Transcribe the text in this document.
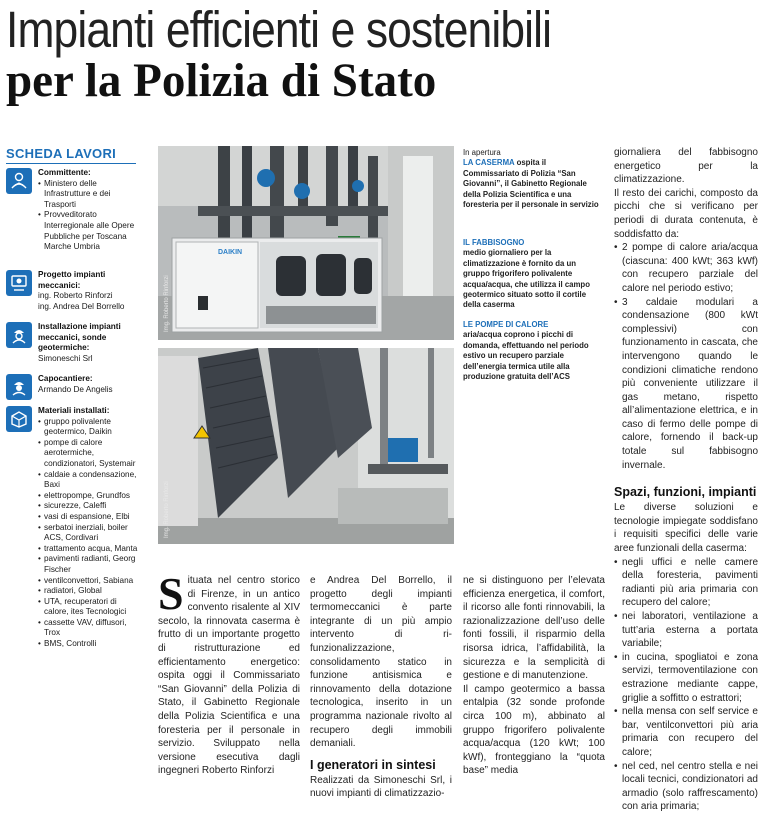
Impianti efficienti e sostenibili
per la Polizia di Stato
SCHEDA LAVORI
Committente:
• Ministero delle Infrastrutture e dei Trasporti
• Provveditorato Interregionale alle Opere Pubbliche per Toscana Marche Umbria
Progetto impianti meccanici:
ing. Roberto Rinforzi
ing. Andrea Del Borrello
Installazione impianti meccanici, sonde geotermiche:
Simoneschi Srl
Capocantiere:
Armando De Angelis
Materiali installati:
• gruppo polivalente geotermico, Daikin
• pompe di calore aerotermiche, condizionatori, Systemair
• caldaie a condensazione, Baxi
• elettropompe, Grundfos
• sicurezze, Caleffi
• vasi di espansione, Elbi
• serbatoi inerziali, boiler ACS, Cordivari
• trattamento acqua, Manta
• pavimenti radianti, Georg Fischer
• ventilconvettori, Sabiana
• radiatori, Global
• UTA, recuperatori di calore, ites Tecnologici
• cassette VAV, diffusori, Trox
• BMS, Controlli
DAIKIN
Img. Roberto Rinforzi
Img. Roberto Rinforzi
In apertura
LA CASERMA ospita il Commissariato di Polizia “San Giovanni”, il Gabinetto Regionale della Polizia Scientifica e una foresteria per il personale in servizio
IL FABBISOGNO
medio giornaliero per la climatizzazione è fornito da un gruppo frigorifero polivalente acqua/acqua, che utilizza il campo geotermico situato sotto il cortile della caserma
LE POMPE DI CALORE
aria/acqua coprono i picchi di domanda, effettuando nel periodo estivo un recupero parziale dell’energia termica utile alla produzione gratuita dell’ACS

Situata nel centro storico di Firenze, in un antico convento risalente al XIV secolo, la rinnovata caserma è frutto di un importante progetto di ristrutturazione ed efficientamento energetico: ospita oggi il Commissariato “San Giovanni” della Polizia di Stato, il Gabinetto Regionale della Polizia Scientifica e una foresteria per il personale in servizio. Sviluppato nella versione esecutiva dagli ingegneri Roberto Rinforzi

e Andrea Del Borrello, il progetto degli impianti termomeccanici è parte integrante di un più ampio intervento di ri-funzionalizzazione, consolidamento statico in funzione antisismica e rinnovamento della dotazione tecnologica, inserito in un programma nazionale rivolto al recupero degli immobili demaniali.

I generatori in sintesi

Realizzati da Simoneschi Srl, i nuovi impianti di climatizzazio-

ne si distinguono per l’elevata efficienza energetica, il comfort, il ricorso alle fonti rinnovabili, la razionalizzazione dell’uso delle fonti fossili, il risparmio della risorsa idrica, l’affidabilità, la sicurezza e la semplicità di gestione e di manutenzione.

Il campo geotermico a bassa entalpia (32 sonde profonde circa 100 m), abbinato al gruppo frigorifero polivalente acqua/acqua (120 kWt; 100 kWf), fronteggiano la “quota base” media

giornaliera del fabbisogno energetico per la climatizzazione.

Il resto dei carichi, composto da picchi che si verificano per periodi di durata contenuta, è soddisfatto da:

• 2 pompe di calore aria/acqua (ciascuna: 400 kWt; 363 kWf) con recupero parziale del calore nel periodo estivo;
• 3 caldaie modulari a condensazione (800 kWt complessivi) con funzionamento in cascata, che intervengono quando le condizioni climatiche rendono più conveniente utilizzare il gas metano, rispetto all’alimentazione elettrica, e in caso di fermo delle pompe di calore, fornendo il back-up totale sul fabbisogno invernale.
Spazi, funzioni, impianti

Le diverse soluzioni e tecnologie impiegate soddisfano i requisiti specifici delle varie aree funzionali della caserma:

• negli uffici e nelle camere della foresteria, pavimenti radianti più aria primaria con recupero del calore;
• nei laboratori, ventilazione a tutt’aria esterna a portata variabile;
• in cucina, spogliatoi e zona servizi, termoventilazione con estrazione mediante cappe, griglie a soffitto o estrattori;
• nella mensa con self service e bar, ventilconvettori più aria primaria con recupero del calore;
• nel ced, nel centro stella e nei locali tecnici, condizionatori ad armadio (solo raffrescamento) con aria primaria;
